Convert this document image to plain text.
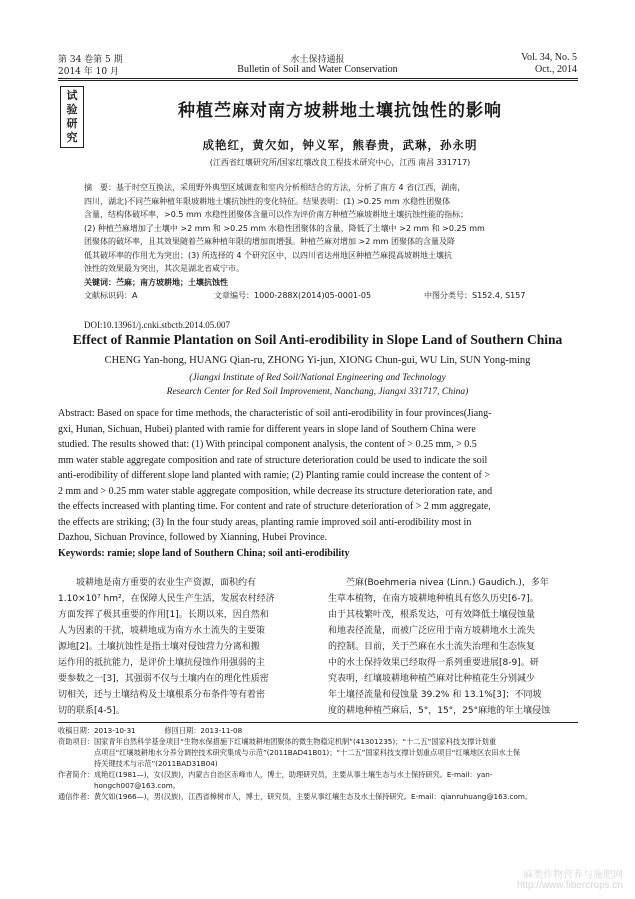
第 34 卷第 5 期
2014 年 10 月
水土保持通报
Bulletin of Soil and Water Conservation
Vol. 34, No. 5
Oct., 2014
试
验
研
究
种植苎麻对南方坡耕地土壤抗蚀性的影响
成艳红，黄欠如，钟义军，熊春贵，武琳，孙永明
(江西省红壤研究所/国家红壤改良工程技术研究中心，江西 南昌 331717)
摘　要：基于时空互换法，采用野外典型区域调查和室内分析相结合的方法，分析了南方 4 省(江西，湖南，
四川，湖北)不同苎麻种植年限坡耕地土壤抗蚀性的变化特征。结果表明：(1) >0.25 mm 水稳性团聚体
含量，结构体破坏率，>0.5 mm 水稳性团聚体含量可以作为评价南方种植苎麻坡耕地土壤抗蚀性能的指标；
(2) 种植苎麻增加了土壤中 >2 mm 和 >0.25 mm 水稳性团聚体的含量，降低了土壤中 >2 mm 和 >0.25 mm
团聚体的破坏率，且其效果随着苎麻种植年限的增加而增强。种植苎麻对增加 >2 mm 团聚体的含量及降
低其破坏率的作用尤为突出；(3) 所选择的 4 个研究区中，以四川省达州地区种植苎麻提高坡耕地土壤抗
蚀性的效果最为突出，其次是湖北省咸宁市。
关键词：苎麻；南方坡耕地；土壤抗蚀性
文献标识码：A	文章编号：1000-288X(2014)05-0001-05	中图分类号：S152.4, S157
DOI:10.13961/j.cnki.stbctb.2014.05.007
Effect of Ranmie Plantation on Soil Anti-erodibility in Slope Land of Southern China
CHENG Yan-hong, HUANG Qian-ru, ZHONG Yi-jun, XIONG Chun-gui, WU Lin, SUN Yong-ming
(Jiangxi Institute of Red Soil/National Engineering and Technology
Research Center for Red Soil Improvement, Nanchang, Jiangxi 331717, China)
Abstract: Based on space for time methods, the characteristic of soil anti-erodibility in four provinces(Jiang-
gxi, Hunan, Sichuan, Hubei) planted with ramie for different years in slope land of Southern China were
studied. The results showed that: (1) With principal component analysis, the content of > 0.25 mm, > 0.5
mm water stable aggregate composition and rate of structure deterioration could be used to indicate the soil
anti-erodibility of different slope land planted with ramie; (2) Planting ramie could increase the content of >
2 mm and > 0.25 mm water stable aggregate composition, while decrease its structure deterioration rate, and
the effects increased with planting time. For content and rate of structure deterioration of > 2 mm aggregate,
the effects are striking; (3) In the four study areas, planting ramie improved soil anti-erodibility most in
Dazhou, Sichuan Province, followed by Xianning, Hubei Province.
Keywords: ramie; slope land of Southern China; soil anti-erodibility
坡耕地是南方重要的农业生产资源，面积约有
1.10×10⁷ hm²，在保障人民生产生活，发展农村经济
方面发挥了极其重要的作用[1]。长期以来，因自然和
人为因素的干扰，坡耕地成为南方水土流失的主要策
源地[2]。土壤抗蚀性是指土壤对侵蚀营力分离和搬
运作用的抵抗能力，是评价土壤抗侵蚀作用强弱的主
要参数之一[3]，其强弱不仅与土壤内在的理化性质密
切相关，还与土壤结构及土壤根系分布条件等有着密
切的联系[4-5]。
苎麻(Boehmeria nivea (Linn.) Gaudich.)，多年
生草本植物，在南方坡耕地种植具有悠久历史[6-7]。
由于其枝繁叶茂，根系发达，可有效降低土壤侵蚀量
和地表径流量，而被广泛应用于南方坡耕地水土流失
的控制。目前，关于苎麻在水土流失治理和生态恢复
中的水土保持效果已经取得一系列重要进展[8-9]。研
究表明，红壤坡耕地种植苎麻对比种植花生分别减少
年土壤径流量和侵蚀量 39.2% 和 13.1%[3]；不同坡
度的耕地种植苎麻后，5°，15°，25°麻地的年土壤侵蚀
收稿日期：2013-10-31　　　　修回日期：2013-11-08
资助项目：国家青年自然科学基金项目“生物水保措施下红壤坡耕地团聚体的微生物稳定机制”(41301235)；“十二五”国家科技支撑计划重
　　　　　点项目“红壤坡耕地水分养分调控技术研究集成与示范”(2011BAD41B01)；“十二五”国家科技支撑计划重点项目“红壤地区农田水土保
　　　　　持关键技术与示范”(2011BAD31B04)
作者简介：成艳红(1981—)，女(汉族)，内蒙古自治区赤峰市人，博士，助理研究员，主要从事土壤生态与水土保持研究。E-mail：yan-
　　　　　hongch007@163.com。
通信作者：黄欠如(1966—)，男(汉族)，江西省樟树市人，博士，研究员，主要从事红壤生态及水土保持研究。E-mail：qianruhuang@163.com。
麻类作物营养与施肥网
http://www.fibercrops.cn
